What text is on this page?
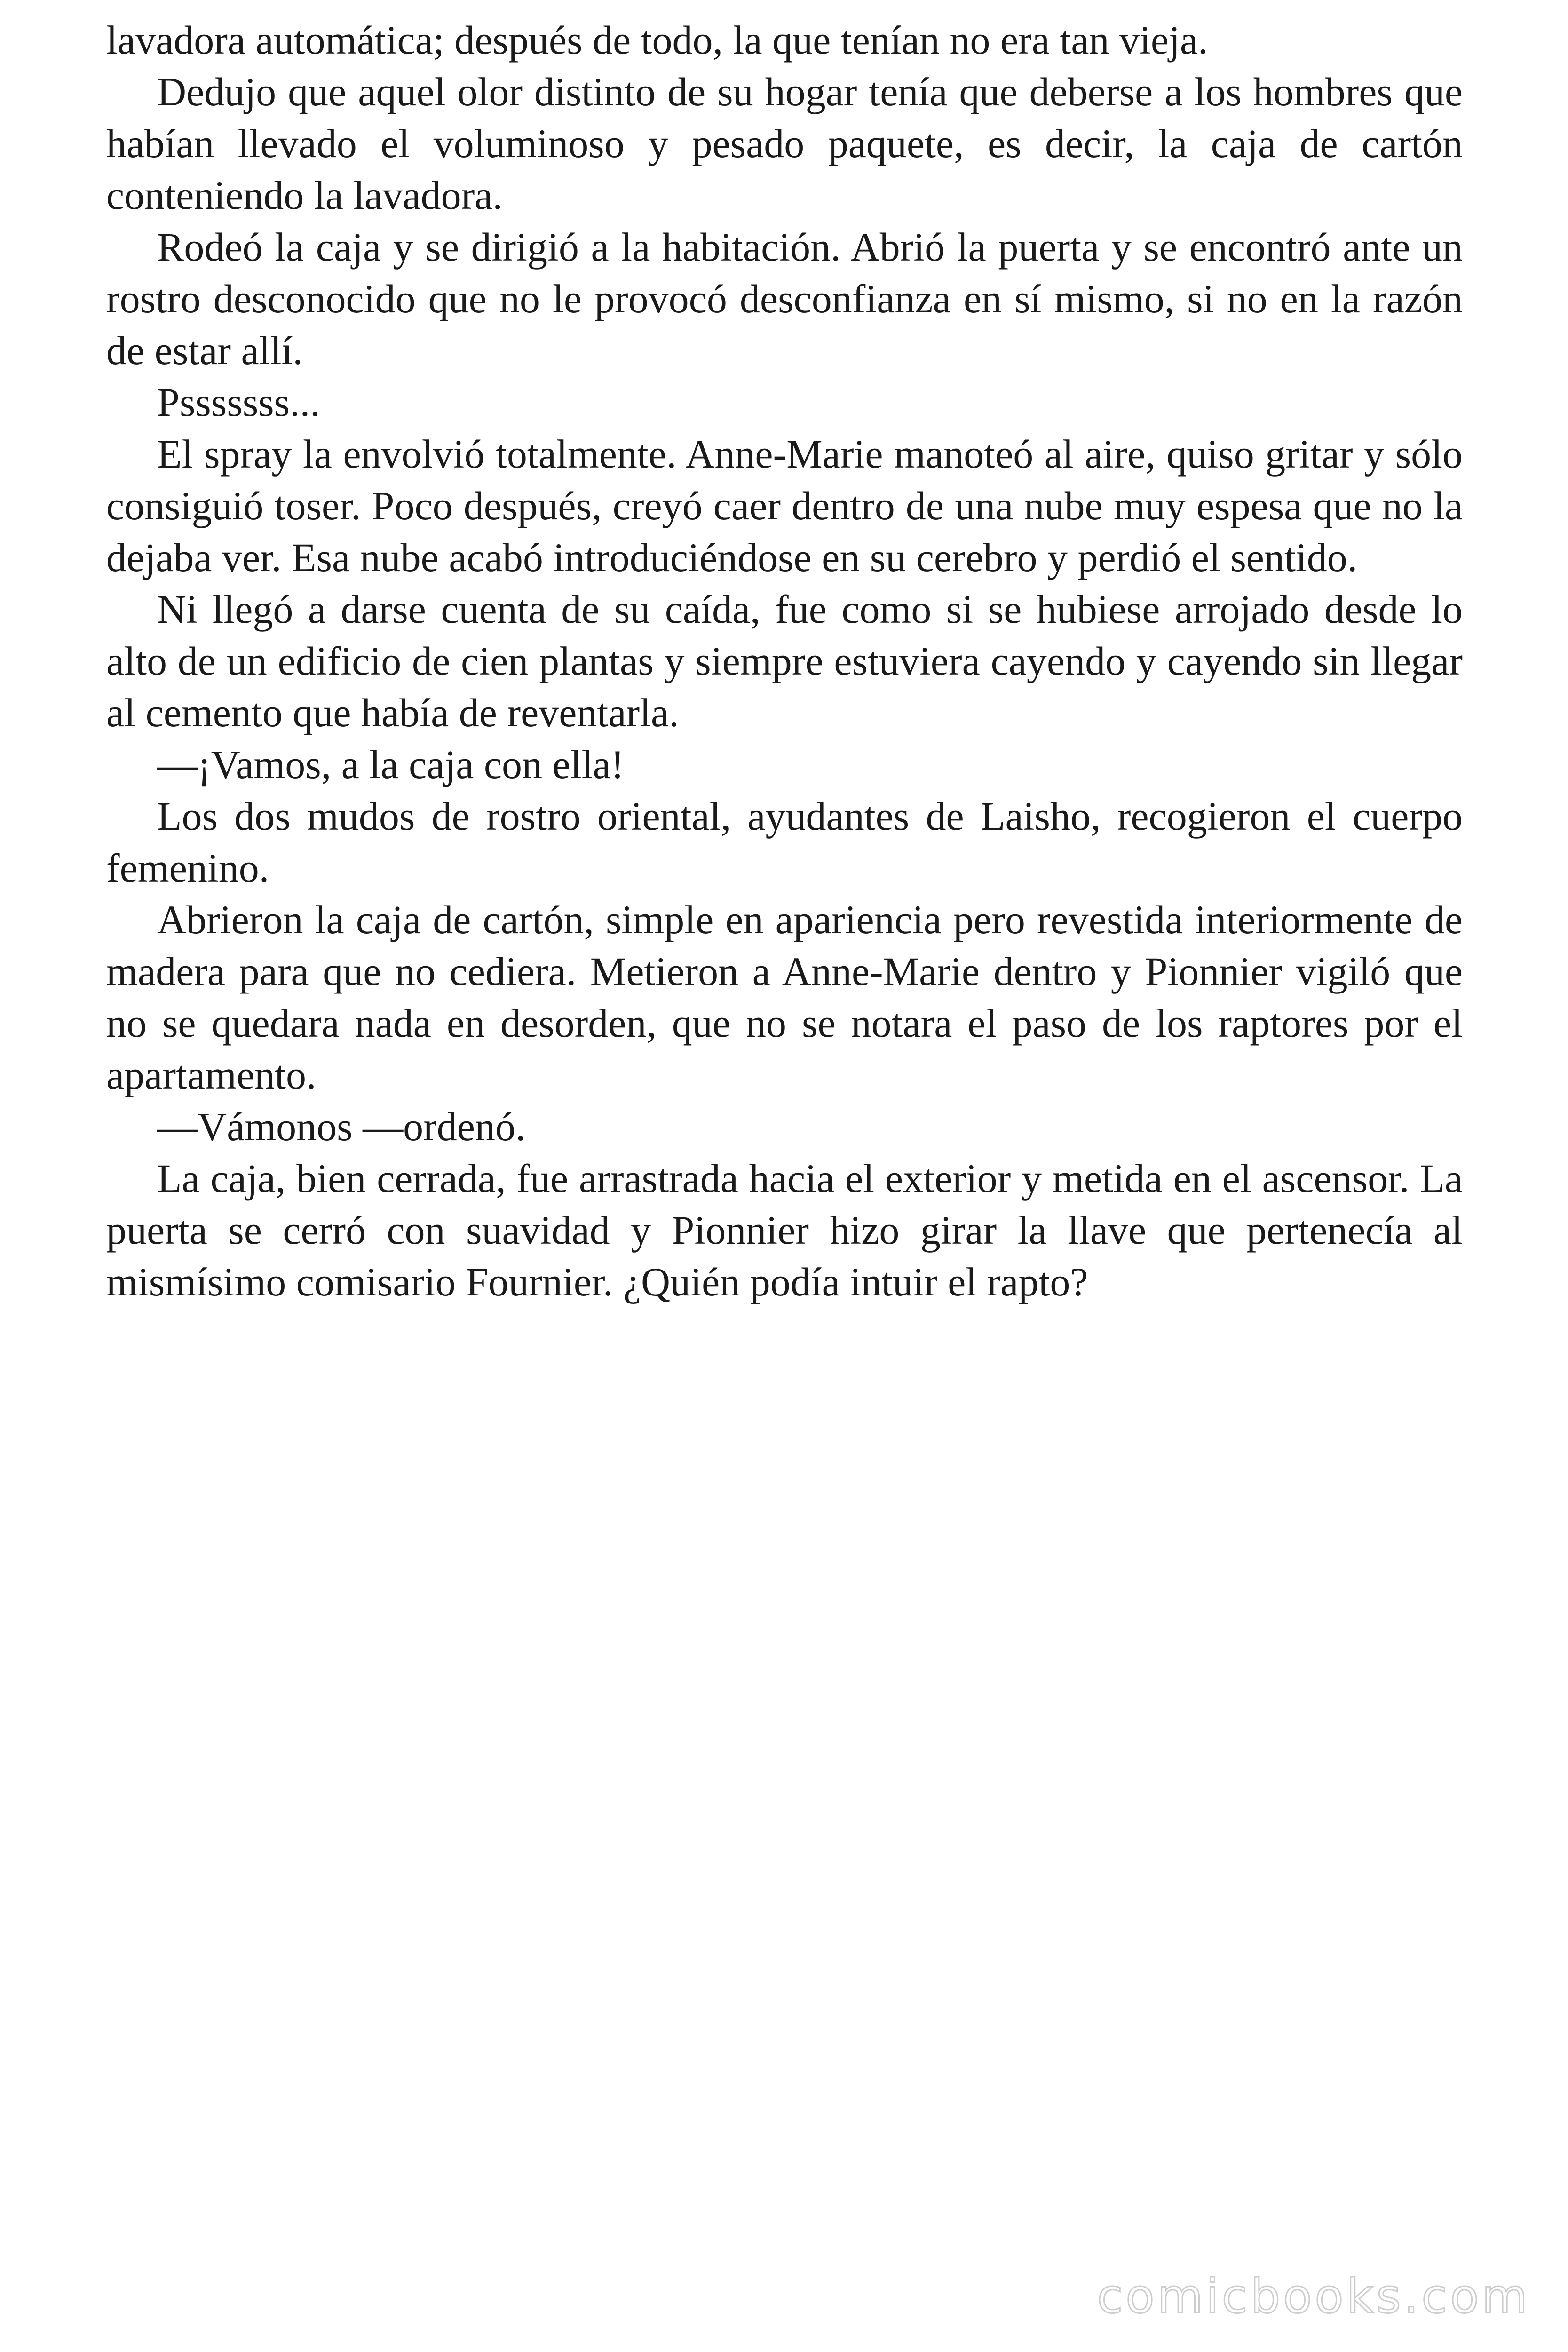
lavadora automática; después de todo, la que tenían no era tan vieja.

Dedujo que aquel olor distinto de su hogar tenía que deberse a los hombres que habían llevado el voluminoso y pesado paquete, es decir, la caja de cartón conteniendo la lavadora.

Rodeó la caja y se dirigió a la habitación. Abrió la puerta y se encontró ante un rostro desconocido que no le provocó desconfianza en sí mismo, si no en la razón de estar allí.

Psssssss...

El spray la envolvió totalmente. Anne-Marie manoteó al aire, quiso gritar y sólo consiguió toser. Poco después, creyó caer dentro de una nube muy espesa que no la dejaba ver. Esa nube acabó introduciéndose en su cerebro y perdió el sentido.

Ni llegó a darse cuenta de su caída, fue como si se hubiese arrojado desde lo alto de un edificio de cien plantas y siempre estuviera cayendo y cayendo sin llegar al cemento que había de reventarla.

—¡Vamos, a la caja con ella!

Los dos mudos de rostro oriental, ayudantes de Laisho, recogieron el cuerpo femenino.

Abrieron la caja de cartón, simple en apariencia pero revestida interiormente de madera para que no cediera. Metieron a Anne-Marie dentro y Pionnier vigiló que no se quedara nada en desorden, que no se notara el paso de los raptores por el apartamento.

—Vámonos —ordenó.

La caja, bien cerrada, fue arrastrada hacia el exterior y metida en el ascensor. La puerta se cerró con suavidad y Pionnier hizo girar la llave que pertenecía al mismísimo comisario Fournier. ¿Quién podía intuir el rapto?

comicbooks.com
